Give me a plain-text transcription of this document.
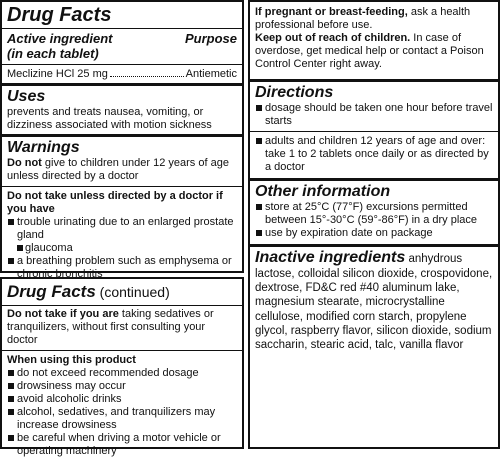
Drug Facts
Active ingredient	Purpose
(in each tablet)
Meclizine HCl 25 mg	Antiemetic
Uses
prevents and treats nausea, vomiting, or dizziness associated with motion sickness
Warnings
Do not give to children under 12 years of age unless directed by a doctor
Do not take unless directed by a doctor if you have
trouble urinating due to an enlarged prostate gland
glaucoma
a breathing problem such as emphysema or chronic bronchitis
Drug Facts (continued)
Do not take if you are taking sedatives or tranquilizers, without first consulting your doctor
When using this product
do not exceed recommended dosage
drowsiness may occur
avoid alcoholic drinks
alcohol, sedatives, and tranquilizers may increase drowsiness
be careful when driving a motor vehicle or operating machinery
If pregnant or breast-feeding, ask a health professional before use.
Keep out of reach of children. In case of overdose, get medical help or contact a Poison Control Center right away.
Directions
dosage should be taken one hour before travel starts
adults and children 12 years of age and over: take 1 to 2 tablets once daily or as directed by a doctor
Other information
store at 25°C (77°F) excursions permitted between 15°-30°C (59°-86°F) in a dry place
use by expiration date on package
Inactive ingredients anhydrous lactose, colloidal silicon dioxide, crospovidone, dextrose, FD&C red #40 aluminum lake, magnesium stearate, microcrystalline cellulose, modified corn starch, propylene glycol, raspberry flavor, silicon dioxide, sodium saccharin, stearic acid, talc, vanilla flavor
